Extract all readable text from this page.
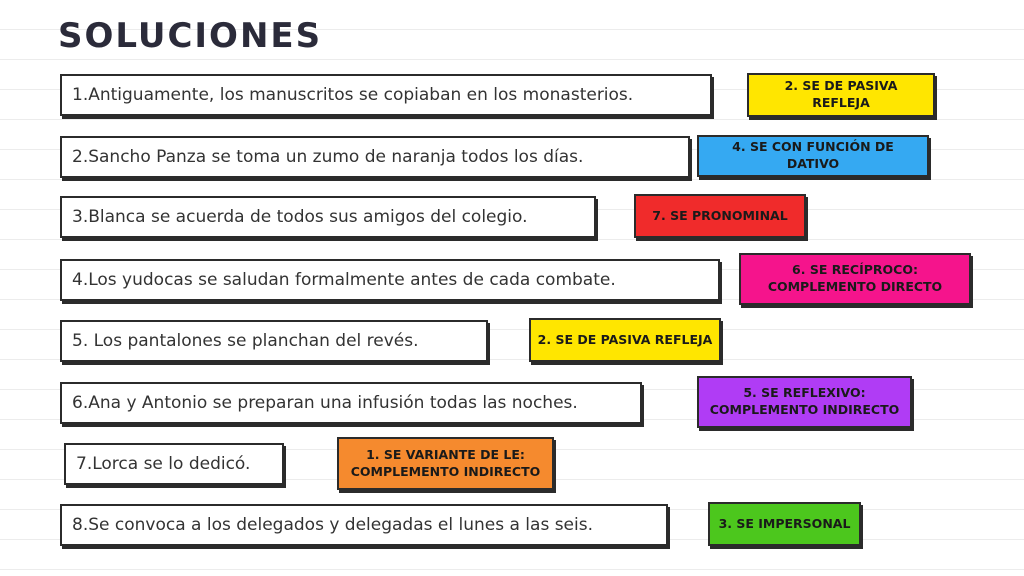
SOLUCIONES
1.Antiguamente, los manuscritos se copiaban en los monasterios.
2.Sancho Panza se toma un zumo de naranja todos los días.
3.Blanca se acuerda de todos sus amigos del colegio.
4.Los yudocas se saludan formalmente antes de cada combate.
5. Los pantalones se planchan del revés.
6.Ana y Antonio se preparan una infusión todas las noches.
7.Lorca se lo dedicó.
8.Se convoca a los delegados y delegadas el lunes a las seis.
2. SE DE PASIVA REFLEJA
4. SE CON FUNCIÓN DE DATIVO
7. SE PRONOMINAL
6. SE RECÍPROCO:
COMPLEMENTO DIRECTO
2. SE DE PASIVA REFLEJA
5. SE REFLEXIVO:
COMPLEMENTO INDIRECTO
1. SE VARIANTE DE LE:
COMPLEMENTO INDIRECTO
3. SE IMPERSONAL
